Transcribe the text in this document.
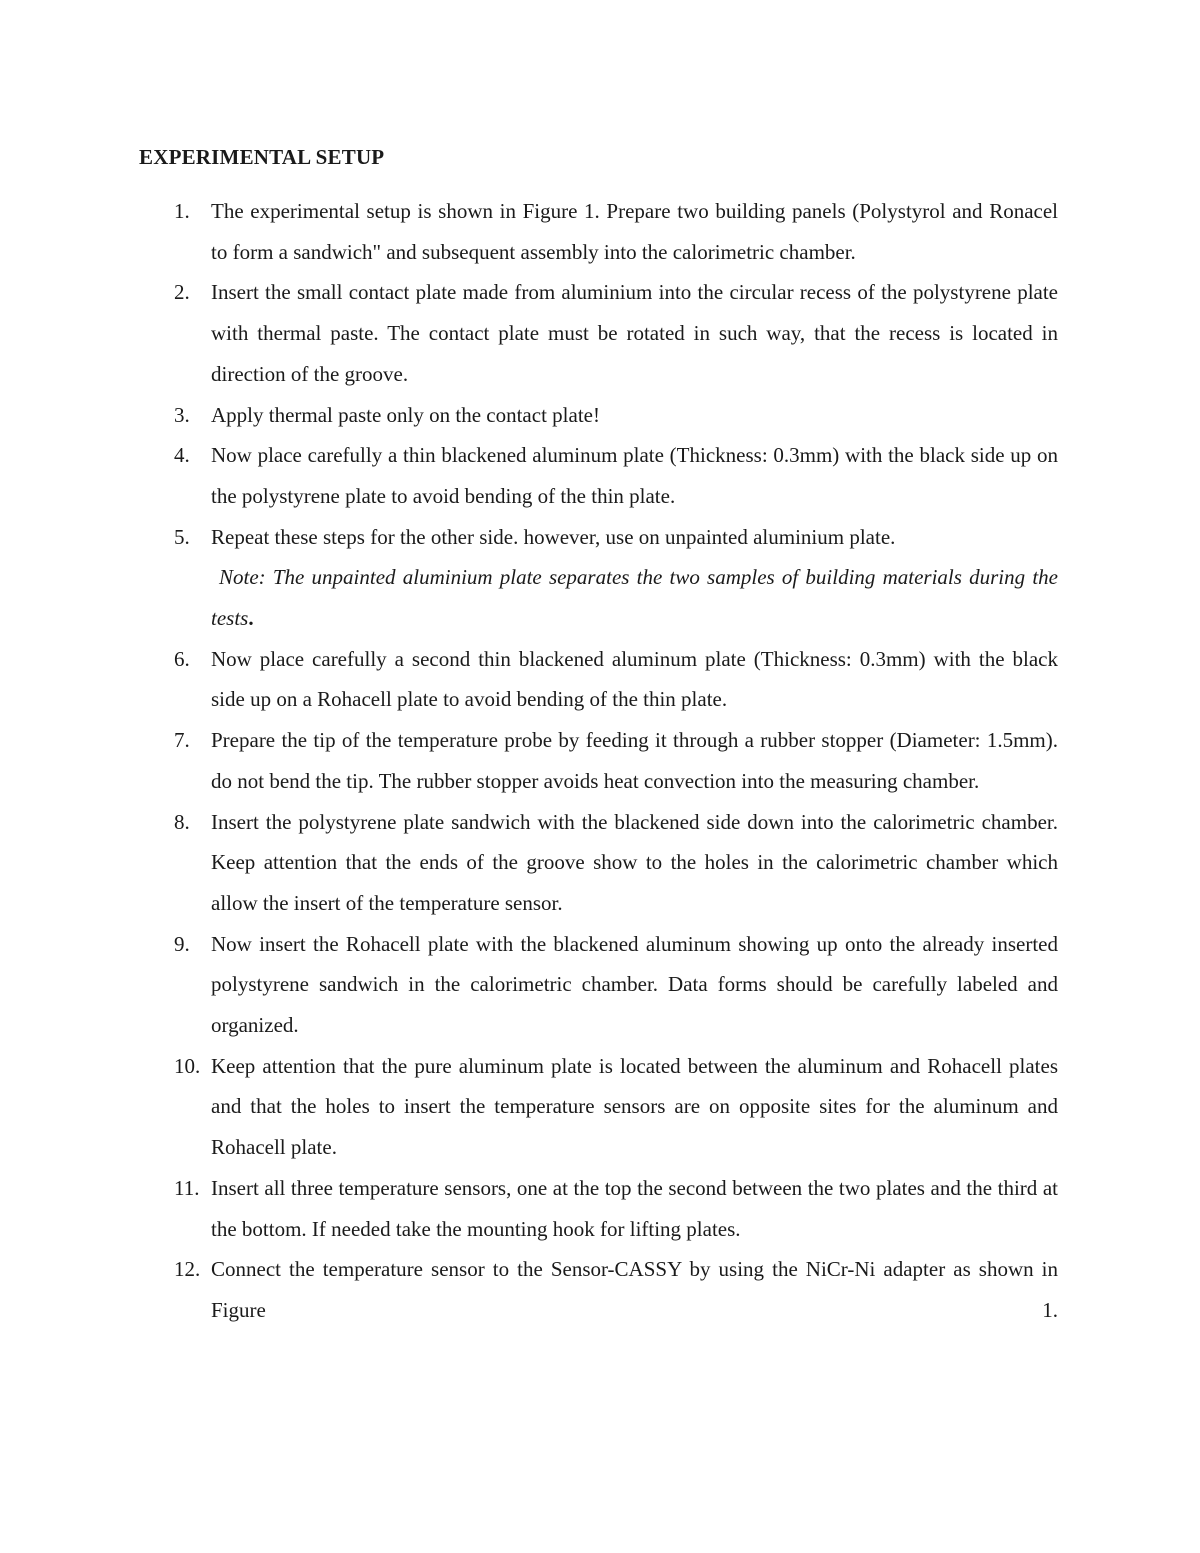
EXPERIMENTAL SETUP
1. The experimental setup is shown in Figure 1. Prepare two building panels (Polystyrol and Ronacel to form a sandwich" and subsequent assembly into the calorimetric chamber.
2. Insert the small contact plate made from aluminium into the circular recess of the polystyrene plate with thermal paste. The contact plate must be rotated in such way, that the recess is located in direction of the groove.
3. Apply thermal paste only on the contact plate!
4. Now place carefully a thin blackened aluminum plate (Thickness: 0.3mm) with the black side up on the polystyrene plate to avoid bending of the thin plate.
5. Repeat these steps for the other side. however, use on unpainted aluminium plate.
Note: The unpainted aluminium plate separates the two samples of building materials during the tests.
6. Now place carefully a second thin blackened aluminum plate (Thickness: 0.3mm) with the black side up on a Rohacell plate to avoid bending of the thin plate.
7. Prepare the tip of the temperature probe by feeding it through a rubber stopper (Diameter: 1.5mm). do not bend the tip. The rubber stopper avoids heat convection into the measuring chamber.
8. Insert the polystyrene plate sandwich with the blackened side down into the calorimetric chamber. Keep attention that the ends of the groove show to the holes in the calorimetric chamber which allow the insert of the temperature sensor.
9. Now insert the Rohacell plate with the blackened aluminum showing up onto the already inserted polystyrene sandwich in the calorimetric chamber. Data forms should be carefully labeled and organized.
10. Keep attention that the pure aluminum plate is located between the aluminum and Rohacell plates and that the holes to insert the temperature sensors are on opposite sites for the aluminum and Rohacell plate.
11. Insert all three temperature sensors, one at the top the second between the two plates and the third at the bottom. If needed take the mounting hook for lifting plates.
12. Connect the temperature sensor to the Sensor-CASSY by using the NiCr-Ni adapter as shown in Figure 1.
